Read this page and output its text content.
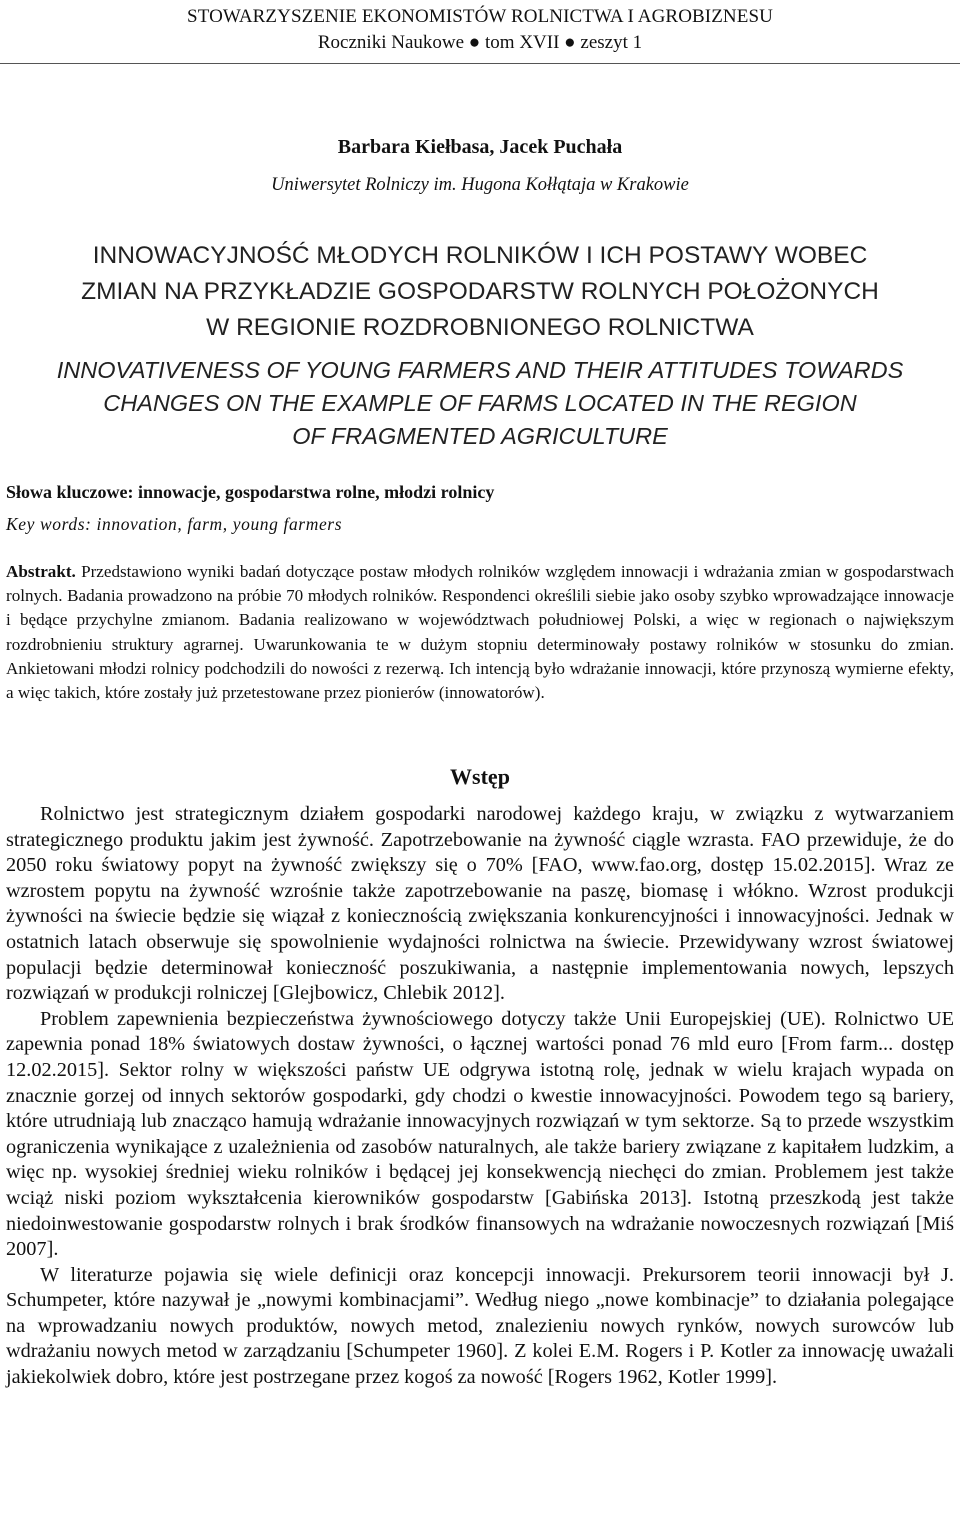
STOWARZYSZENIE EKONOMISTÓW ROLNICTWA I AGROBIZNESU
Roczniki Naukowe ● tom XVII ● zeszyt 1
Barbara Kiełbasa, Jacek Puchała
Uniwersytet Rolniczy im. Hugona Kołłątaja w Krakowie
INNOWACYJNOŚĆ MŁODYCH ROLNIKÓW I ICH POSTAWY WOBEC
ZMIAN NA PRZYKŁADZIE GOSPODARSTW ROLNYCH POŁOŻONYCH
W REGIONIE ROZDROBNIONEGO ROLNICTWA
INNOVATIVENESS OF YOUNG FARMERS AND THEIR ATTITUDES TOWARDS
CHANGES ON THE EXAMPLE OF FARMS LOCATED IN THE REGION
OF FRAGMENTED AGRICULTURE
Słowa kluczowe: innowacje, gospodarstwa rolne, młodzi rolnicy
Key words: innovation, farm, young farmers
Abstrakt. Przedstawiono wyniki badań dotyczące postaw młodych rolników względem innowacji i wdrażania zmian w gospodarstwach rolnych. Badania prowadzono na próbie 70 młodych rolników. Respondenci określili siebie jako osoby szybko wprowadzające innowacje i będące przychylne zmianom. Badania realizowano w województwach południowej Polski, a więc w regionach o największym rozdrobnieniu struktury agrarnej. Uwarunkowania te w dużym stopniu determinowały postawy rolników w stosunku do zmian. Ankietowani młodzi rolnicy podchodzili do nowości z rezerwą. Ich intencją było wdrażanie innowacji, które przynoszą wymierne efekty, a więc takich, które zostały już przetestowane przez pionierów (innowatorów).
Wstęp

Rolnictwo jest strategicznym działem gospodarki narodowej każdego kraju, w związku z wytwarzaniem strategicznego produktu jakim jest żywność. Zapotrzebowanie na żywność ciągle wzrasta. FAO przewiduje, że do 2050 roku światowy popyt na żywność zwiększy się o 70% [FAO, www.fao.org, dostęp 15.02.2015]. Wraz ze wzrostem popytu na żywność wzrośnie także zapotrzebowanie na paszę, biomasę i włókno. Wzrost produkcji żywności na świecie będzie się wiązał z koniecznością zwiększania konkurencyjności i innowacyjności. Jednak w ostatnich latach obserwuje się spowolnienie wydajności rolnictwa na świecie. Przewidywany wzrost światowej populacji będzie determinował konieczność poszukiwania, a następnie implementowania nowych, lepszych rozwiązań w produkcji rolniczej [Glejbowicz, Chlebik 2012].

Problem zapewnienia bezpieczeństwa żywnościowego dotyczy także Unii Europejskiej (UE). Rolnictwo UE zapewnia ponad 18% światowych dostaw żywności, o łącznej wartości ponad 76 mld euro [From farm... dostęp 12.02.2015]. Sektor rolny w większości państw UE odgrywa istotną rolę, jednak w wielu krajach wypada on znacznie gorzej od innych sektorów gospodarki, gdy chodzi o kwestie innowacyjności. Powodem tego są bariery, które utrudniają lub znacząco hamują wdrażanie innowacyjnych rozwiązań w tym sektorze. Są to przede wszystkim ograniczenia wynikające z uzależnienia od zasobów naturalnych, ale także bariery związane z kapitałem ludzkim, a więc np. wysokiej średniej wieku rolników i będącej jej konsekwencją niechęci do zmian. Problemem jest także wciąż niski poziom wykształcenia kierowników gospodarstw [Gabińska 2013]. Istotną przeszkodą jest także niedoinwestowanie gospodarstw rolnych i brak środków finansowych na wdrażanie nowoczesnych rozwiązań [Miś 2007].

W literaturze pojawia się wiele definicji oraz koncepcji innowacji. Prekursorem teorii innowacji był J. Schumpeter, które nazywał je „nowymi kombinacjami”. Według niego „nowe kombinacje” to działania polegające na wprowadzaniu nowych produktów, nowych metod, znalezieniu nowych rynków, nowych surowców lub wdrażaniu nowych metod w zarządzaniu [Schumpeter 1960]. Z kolei E.M. Rogers i P. Kotler za innowację uważali jakiekolwiek dobro, które jest postrzegane przez kogoś za nowość [Rogers 1962, Kotler 1999].
